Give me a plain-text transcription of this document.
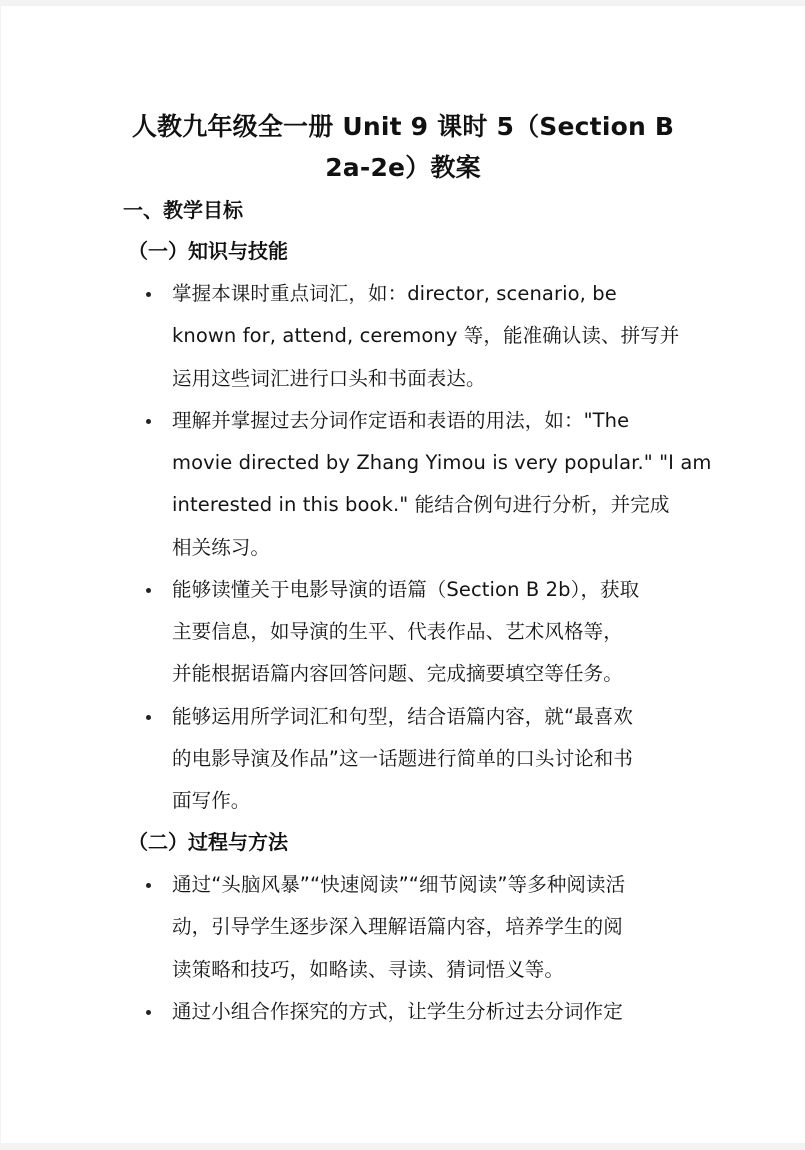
人教九年级全一册 Unit 9 课时 5（Section B
2a-2e）教案
一、教学目标
（一）知识与技能
掌握本课时重点词汇，如：director, scenario, be
known for, attend, ceremony 等，能准确认读、拼写并
运用这些词汇进行口头和书面表达。
理解并掌握过去分词作定语和表语的用法，如："The
movie directed by Zhang Yimou is very popular." "I am
interested in this book." 能结合例句进行分析，并完成
相关练习。
能够读懂关于电影导演的语篇（Section B 2b），获取
主要信息，如导演的生平、代表作品、艺术风格等，
并能根据语篇内容回答问题、完成摘要填空等任务。
能够运用所学词汇和句型，结合语篇内容，就“最喜欢
的电影导演及作品”这一话题进行简单的口头讨论和书
面写作。
（二）过程与方法
通过“头脑风暴”“快速阅读”“细节阅读”等多种阅读活
动，引导学生逐步深入理解语篇内容，培养学生的阅
读策略和技巧，如略读、寻读、猜词悟义等。
通过小组合作探究的方式，让学生分析过去分词作定
